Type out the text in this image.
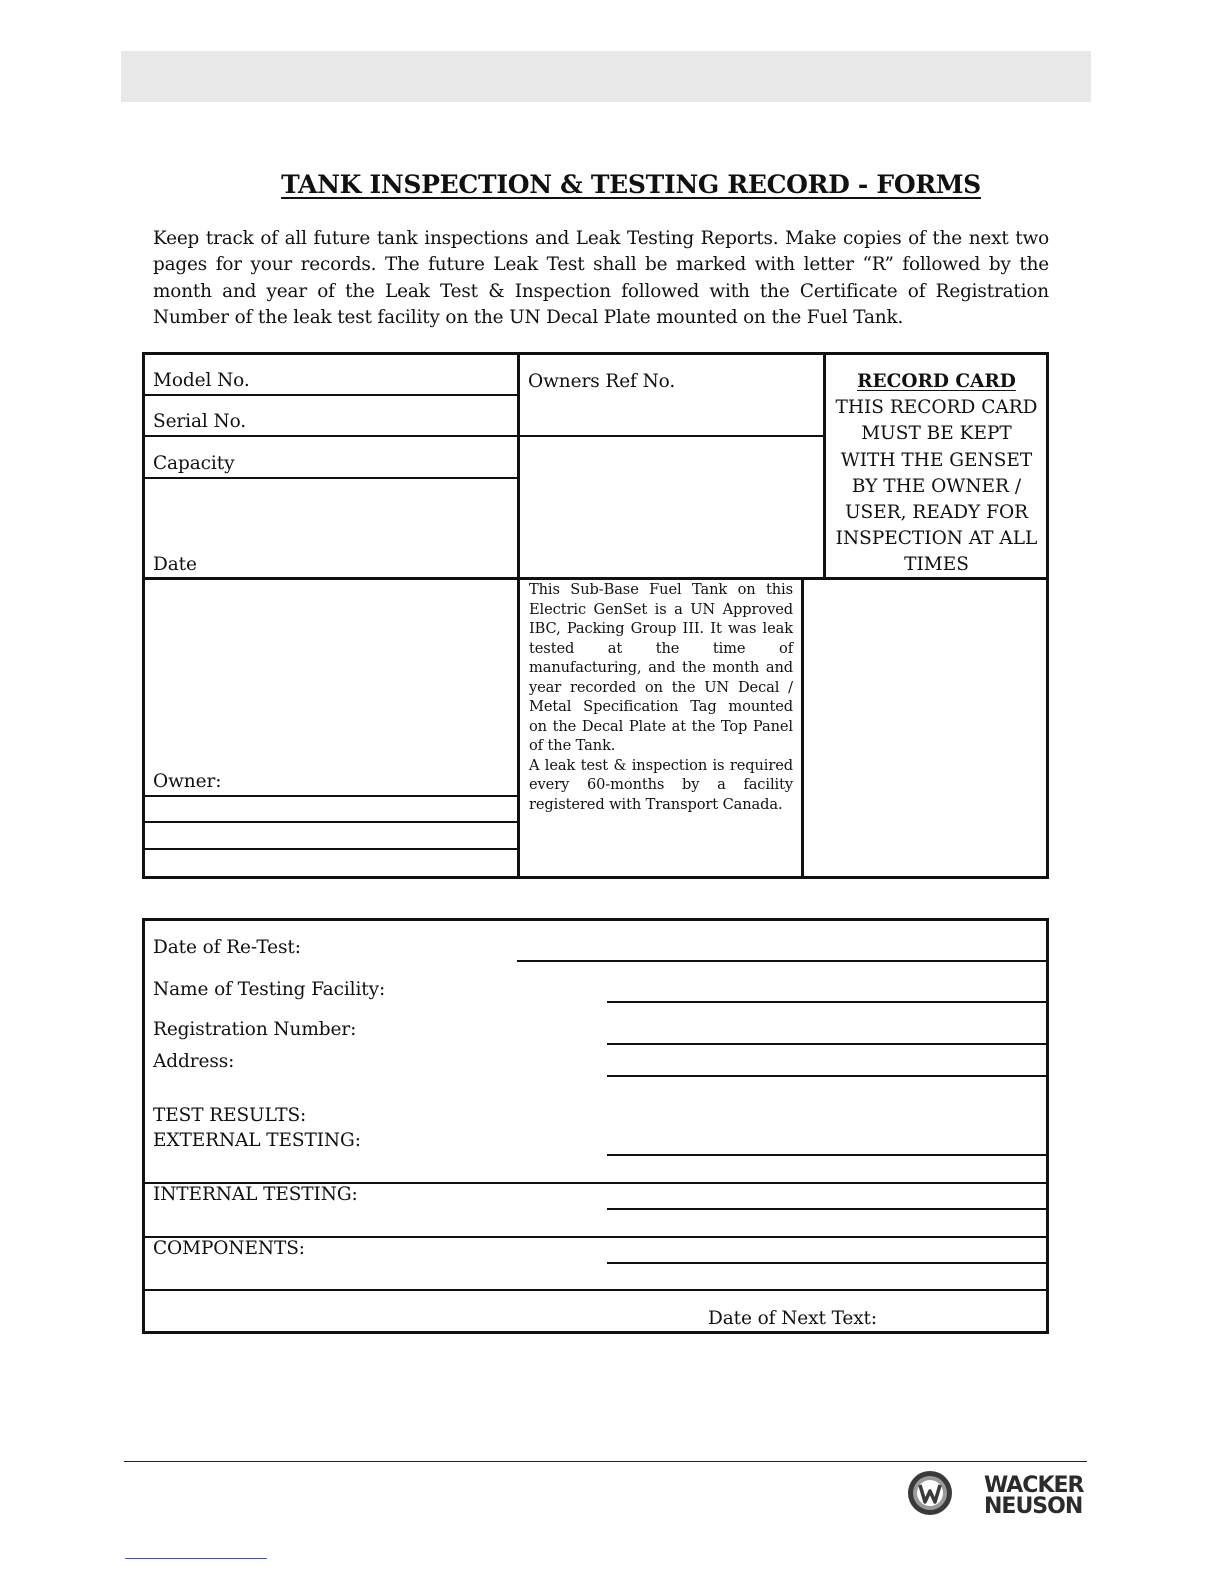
TANK INSPECTION & TESTING RECORD - FORMS
Keep track of all future tank inspections and Leak Testing Reports. Make copies of the next two pages for your records. The future Leak Test shall be marked with letter “R” followed by the month and year of the Leak Test & Inspection followed with the Certificate of Registration Number of the leak test facility on the UN Decal Plate mounted on the Fuel Tank.
Model No.
Serial No.
Capacity
Date
Owner:
Owners Ref No.

This Sub-Base Fuel Tank on this Electric GenSet is a UN Approved IBC, Packing Group III. It was leak tested at the time of manufacturing, and the month and year recorded on the UN Decal / Metal Specification Tag mounted on the Decal Plate at the Top Panel of the Tank.

A leak test & inspection is required every 60-months by a facility registered with Transport Canada.

RECORD CARD
THIS RECORD CARD
MUST BE KEPT
WITH THE GENSET
BY THE OWNER /
USER, READY FOR
INSPECTION AT ALL
TIMES
Date of Re-Test:
Name of Testing Facility:
Registration Number:
Address:
TEST RESULTS:
EXTERNAL TESTING:
INTERNAL TESTING:
COMPONENTS:
Date of Next Text:
WACKER
NEUSON
